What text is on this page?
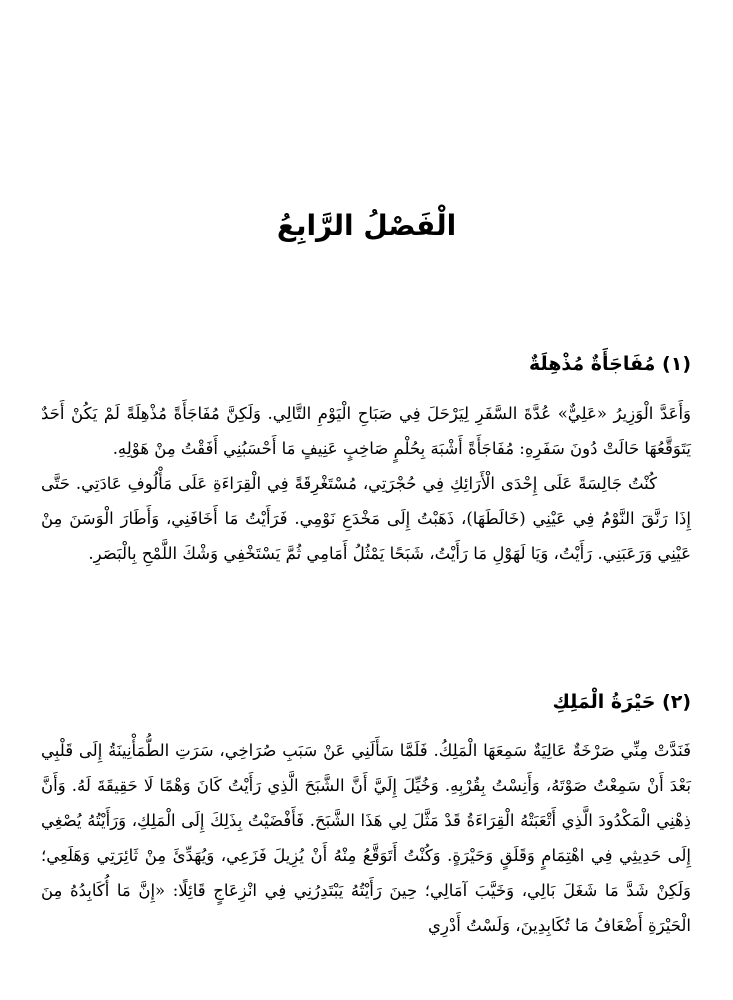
الْفَصْلُ الرَّابِعُ
(١) مُفَاجَأَةٌ مُذْهِلَةٌ

وَأَعَدَّ الْوَزِيرُ «عَلِيٌّ» عُدَّةَ السَّفَرِ لِيَرْحَلَ فِي صَبَاحِ الْيَوْمِ التَّالِي. وَلَكِنَّ مُفَاجَأَةً مُذْهِلَةً لَمْ يَكُنْ أَحَدٌ يَتَوَقَّعُهَا حَالَتْ دُونَ سَفَرِهِ: مُفَاجَأَةً أَشْبَهَ بِحُلْمٍ صَاخِبٍ عَنِيفٍ مَا أَحْسَبُنِي أَفَقْتُ مِنْ هَوْلِهِ.

كُنْتُ جَالِسَةً عَلَى إِحْدَى الْأَرَائِكِ فِي حُجْرَتِي، مُسْتَغْرِقَةً فِي الْقِرَاءَةِ عَلَى مَأْلُوفِ عَادَتِي. حَتَّى إِذَا رَنَّقَ النَّوْمُ فِي عَيْنِي (خَالَطَهَا)، ذَهَبْتُ إِلَى مَخْدَعِ نَوْمِي. فَرَأَيْتُ مَا أَخَافَنِي، وَأَطَارَ الْوَسَنَ مِنْ عَيْنِي وَرَعَبَنِي. رَأَيْتُ، وَيَا لَهَوْلِ مَا رَأَيْتُ، شَبَحًا يَمْثُلُ أَمَامِي ثُمَّ يَسْتَخْفِي وَشْكَ اللَّمْحِ بِالْبَصَرِ.

(٢) حَيْرَةُ الْمَلِكِ

فَنَدَّتْ مِنِّي صَرْخَةٌ عَالِيَةٌ سَمِعَهَا الْمَلِكُ. فَلَمَّا سَأَلَنِي عَنْ سَبَبِ صُرَاخِي، سَرَتِ الطُّمَأْنِينَةُ إِلَى قَلْبِي بَعْدَ أَنْ سَمِعْتُ صَوْتَهُ، وَأَنِسْتُ بِقُرْبِهِ. وَخُيِّلَ إِلَيَّ أَنَّ الشَّبَحَ الَّذِي رَأَيْتُ كَانَ وَهْمًا لَا حَقِيقَةَ لَهُ. وَأَنَّ ذِهْنِي الْمَكْدُودَ الَّذِي أَتْعَبَتْهُ الْقِرَاءَةُ قَدْ مَثَّلَ لِي هَذَا الشَّبَحَ. فَأَفْضَيْتُ بِذَلِكَ إِلَى الْمَلِكِ، وَرَأَيْتُهُ يُصْغِي إِلَى حَدِيثِي فِي اهْتِمَامٍ وَقَلَقٍ وَحَيْرَةٍ. وَكُنْتُ أَتَوَقَّعُ مِنْهُ أَنْ يُزِيلَ فَزَعِي، وَيُهَدِّئَ مِنْ ثَائِرَتِي وَهَلَعِي؛ وَلَكِنْ شَدَّ مَا شَغَلَ بَالِي، وَخَيَّبَ آمَالِي؛ حِينَ رَأَيْتُهُ يَبْتَدِرُنِي فِي انْزِعَاجٍ قَائِلًا: «إِنَّ مَا أُكَابِدُهُ مِنَ الْحَيْرَةِ أَضْعَافُ مَا تُكَابِدِينَ، وَلَسْتُ أَدْرِي
